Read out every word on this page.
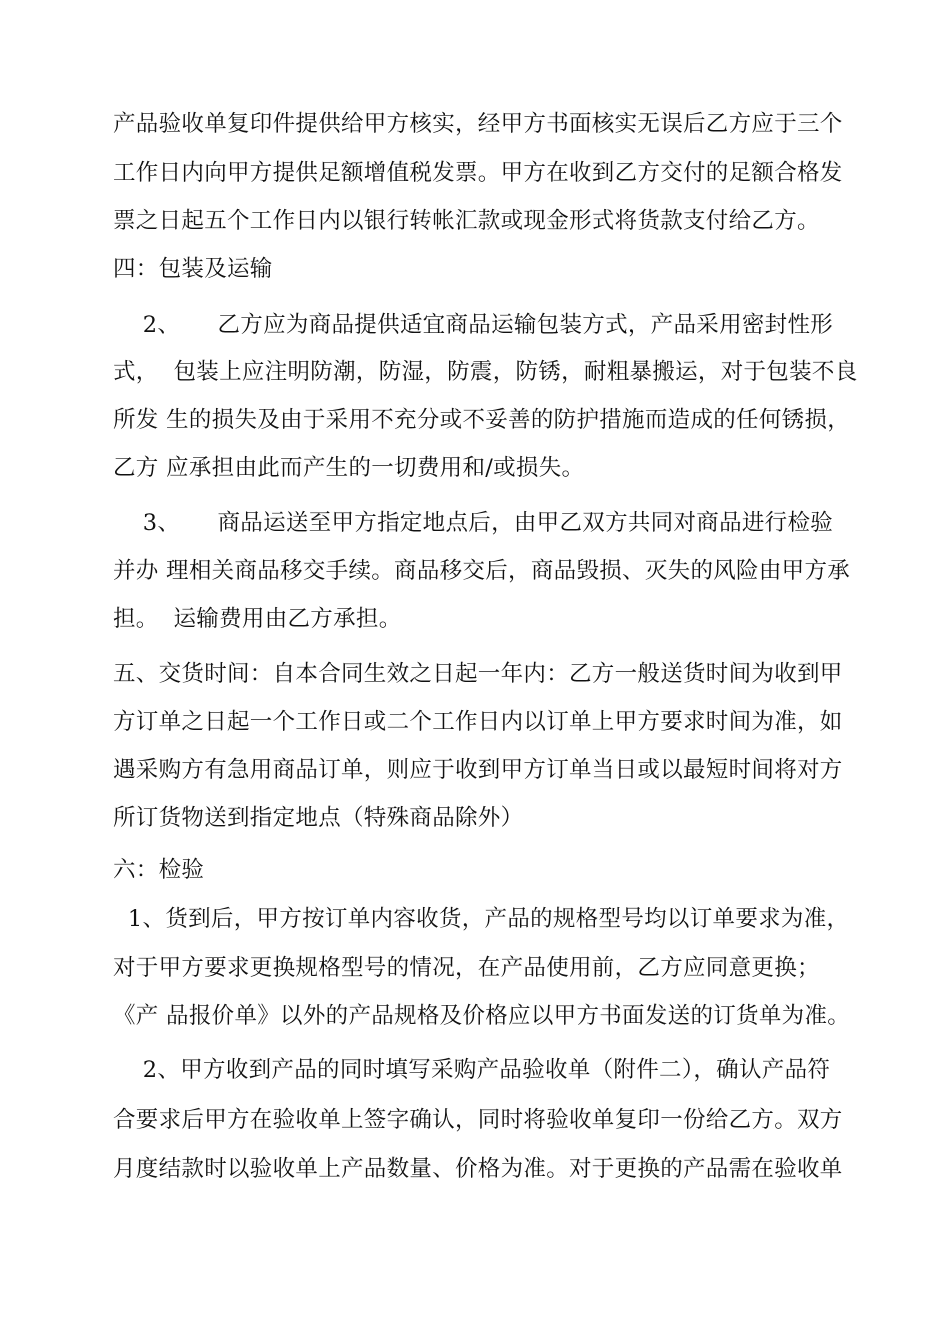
产品验收单复印件提供给甲方核实，经甲方书面核实无误后乙方应于三个
工作日内向甲方提供足额增值税发票。甲方在收到乙方交付的足额合格发
票之日起五个工作日内以银行转帐汇款或现金形式将货款支付给乙方。
四：包装及运输
2、     乙方应为商品提供适宜商品运输包装方式，产品采用密封性形
式，  包装上应注明防潮，防湿，防震，防锈，耐粗暴搬运，对于包装不良
所发 生的损失及由于采用不充分或不妥善的防护措施而造成的任何锈损，
乙方 应承担由此而产生的一切费用和/或损失。
3、     商品运送至甲方指定地点后，由甲乙双方共同对商品进行检验
并办 理相关商品移交手续。商品移交后，商品毁损、灭失的风险由甲方承
担。  运输费用由乙方承担。
五、交货时间：自本合同生效之日起一年内：乙方一般送货时间为收到甲
方订单之日起一个工作日或二个工作日内以订单上甲方要求时间为准，如
遇采购方有急用商品订单，则应于收到甲方订单当日或以最短时间将对方
所订货物送到指定地点（特殊商品除外）
六：检验
1、货到后，甲方按订单内容收货，产品的规格型号均以订单要求为准，
对于甲方要求更换规格型号的情况，在产品使用前，乙方应同意更换；
《产 品报价单》以外的产品规格及价格应以甲方书面发送的订货单为准。
2、甲方收到产品的同时填写采购产品验收单（附件二），确认产品符
合要求后甲方在验收单上签字确认，同时将验收单复印一份给乙方。双方
月度结款时以验收单上产品数量、价格为准。对于更换的产品需在验收单
